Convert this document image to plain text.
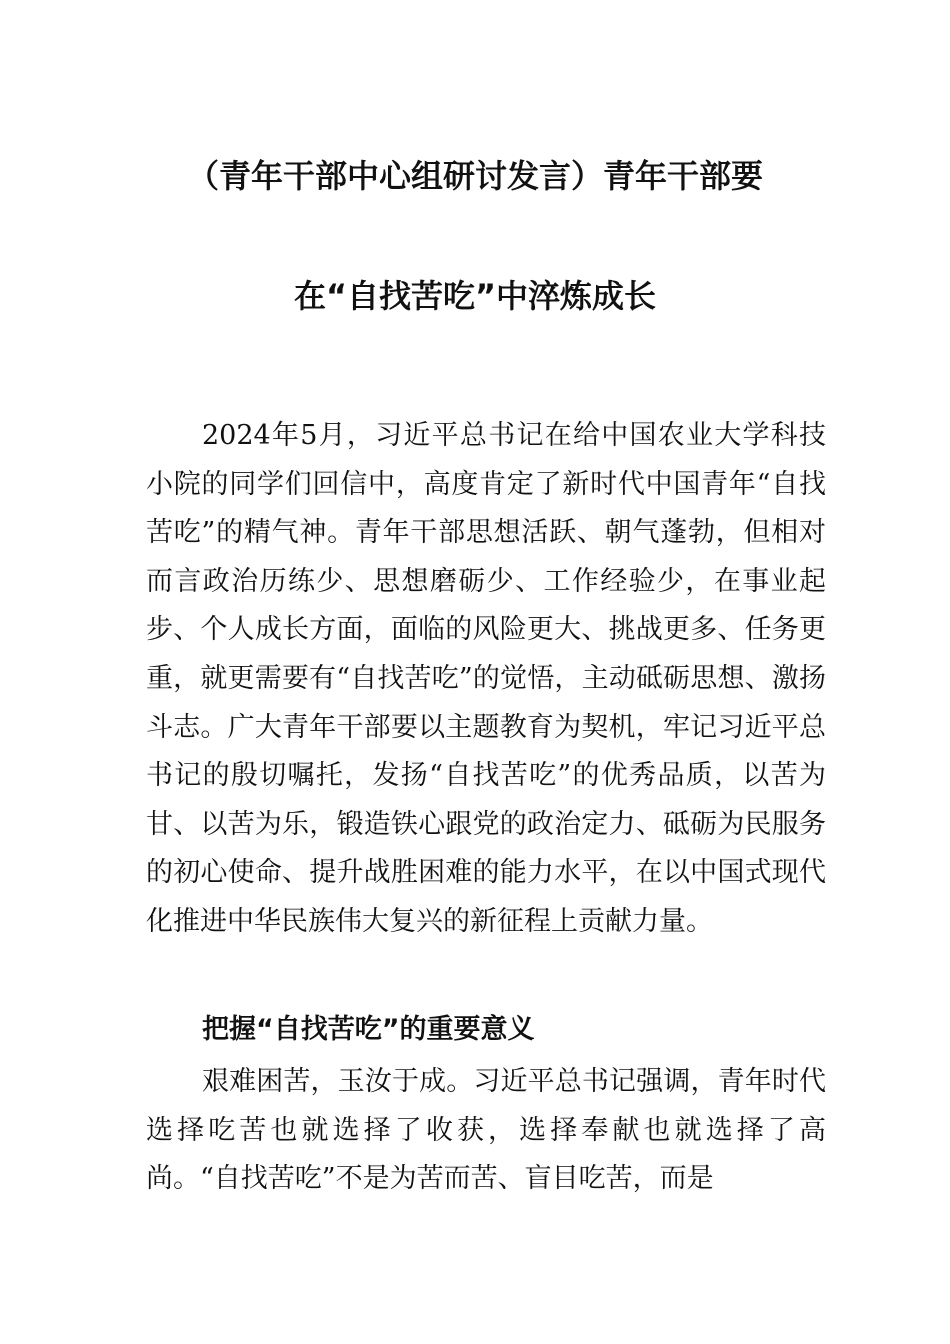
（青年干部中心组研讨发言）青年干部要
在“自找苦吃”中淬炼成长

2024年5月，习近平总书记在给中国农业大学科技小院的同学们回信中，高度肯定了新时代中国青年“自找苦吃”的精气神。青年干部思想活跃、朝气蓬勃，但相对而言政治历练少、思想磨砺少、工作经验少，在事业起步、个人成长方面，面临的风险更大、挑战更多、任务更重，就更需要有“自找苦吃”的觉悟，主动砥砺思想、激扬斗志。广大青年干部要以主题教育为契机，牢记习近平总书记的殷切嘱托，发扬“自找苦吃”的优秀品质，以苦为甘、以苦为乐，锻造铁心跟党的政治定力、砥砺为民服务的初心使命、提升战胜困难的能力水平，在以中国式现代化推进中华民族伟大复兴的新征程上贡献力量。

把握“自找苦吃”的重要意义

艰难困苦，玉汝于成。习近平总书记强调，青年时代选择吃苦也就选择了收获，选择奉献也就选择了高尚。“自找苦吃”不是为苦而苦、盲目吃苦，而是
